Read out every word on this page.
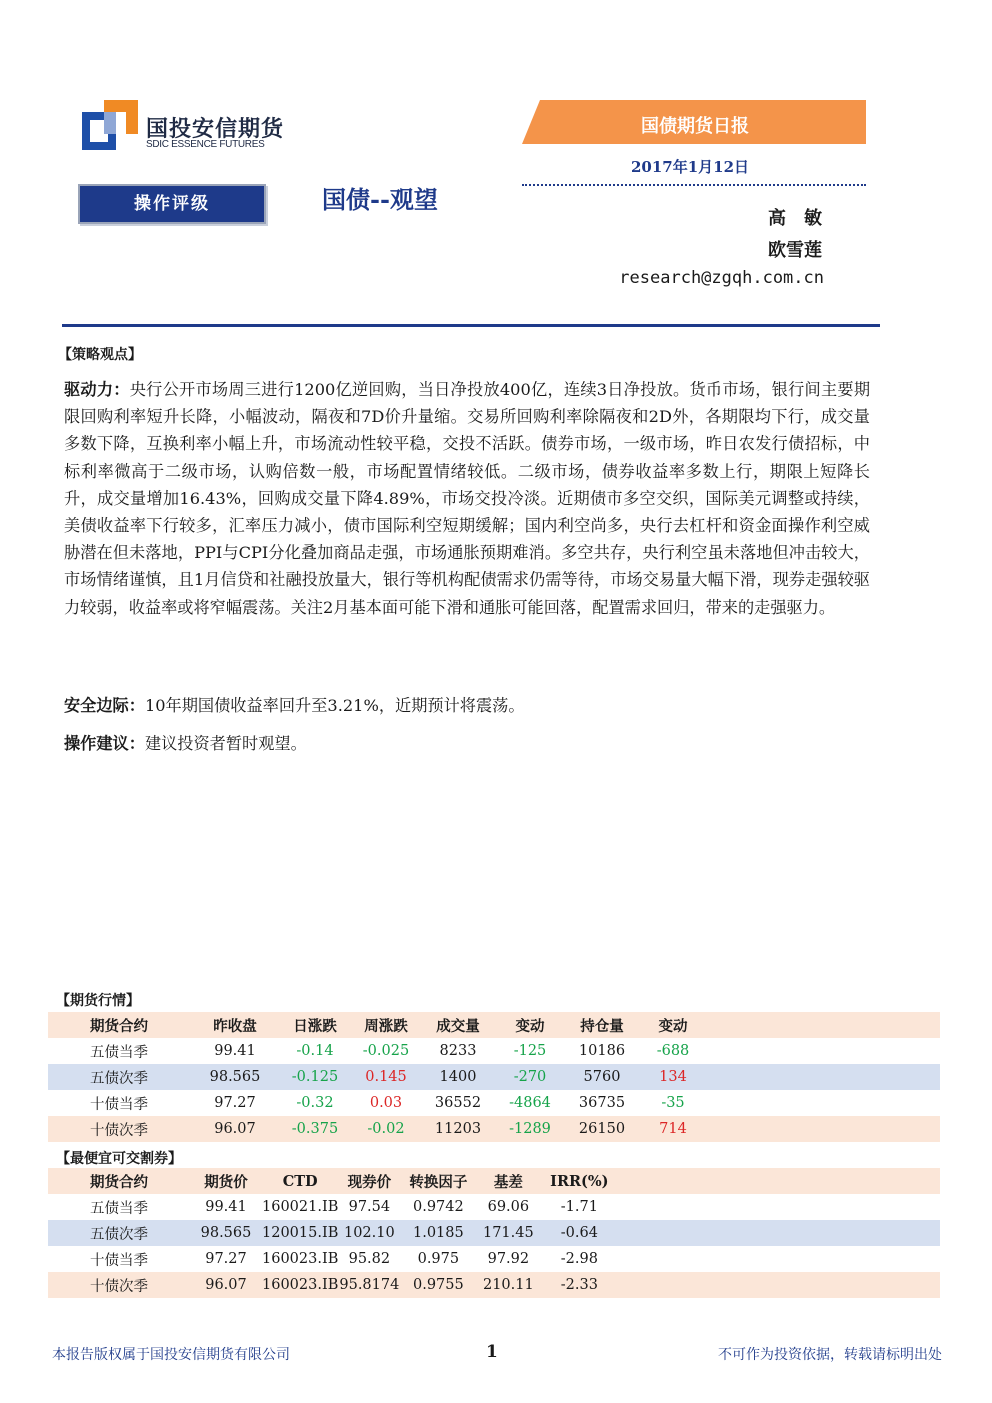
国投安信期货
SDIC ESSENCE FUTURES
国债期货日报
2017年1月12日
操作评级	国债--观望
高　敏
欧雪莲
research@zgqh.com.cn
【策略观点】
驱动力：央行公开市场周三进行1200亿逆回购，当日净投放400亿，连续3日净投放。货币市场，银行间主要期限回购利率短升长降，小幅波动，隔夜和7D价升量缩。交易所回购利率除隔夜和2D外，各期限均下行，成交量多数下降，互换利率小幅上升，市场流动性较平稳，交投不活跃。债券市场，一级市场，昨日农发行债招标，中标利率微高于二级市场，认购倍数一般，市场配置情绪较低。二级市场，债券收益率多数上行，期限上短降长升，成交量增加16.43%，回购成交量下降4.89%，市场交投冷淡。近期债市多空交织，国际美元调整或持续，美债收益率下行较多，汇率压力减小，债市国际利空短期缓解；国内利空尚多，央行去杠杆和资金面操作利空威胁潜在但未落地，PPI与CPI分化叠加商品走强，市场通胀预期难消。多空共存，央行利空虽未落地但冲击较大，市场情绪谨慎，且1月信贷和社融投放量大，银行等机构配债需求仍需等待，市场交易量大幅下滑，现券走强较驱力较弱，收益率或将窄幅震荡。关注2月基本面可能下滑和通胀可能回落，配置需求回归，带来的走强驱力。
安全边际：10年期国债收益率回升至3.21%，近期预计将震荡。
操作建议：建议投资者暂时观望。
【期货行情】
期货合约	昨收盘	日涨跌	周涨跌	成交量	变动	持仓量	变动	
五债当季	99.41	-0.14	-0.025	8233	-125	10186	-688	
五债次季	98.565	-0.125	0.145	1400	-270	5760	134	
十债当季	97.27	-0.32	0.03	36552	-4864	36735	-35	
十债次季	96.07	-0.375	-0.02	11203	-1289	26150	714	
【最便宜可交割券】
期货合约	期货价	CTD	现券价	转换因子	基差	IRR(%)	
五债当季	99.41	160021.IB	97.54	0.9742	69.06	-1.71	
五债次季	98.565	120015.IB	102.10	1.0185	171.45	-0.64	
十债当季	97.27	160023.IB	95.82	0.975	97.92	-2.98	
十债次季	96.07	160023.IB	95.8174	0.9755	210.11	-2.33	
本报告版权属于国投安信期货有限公司	1	不可作为投资依据，转载请标明出处
